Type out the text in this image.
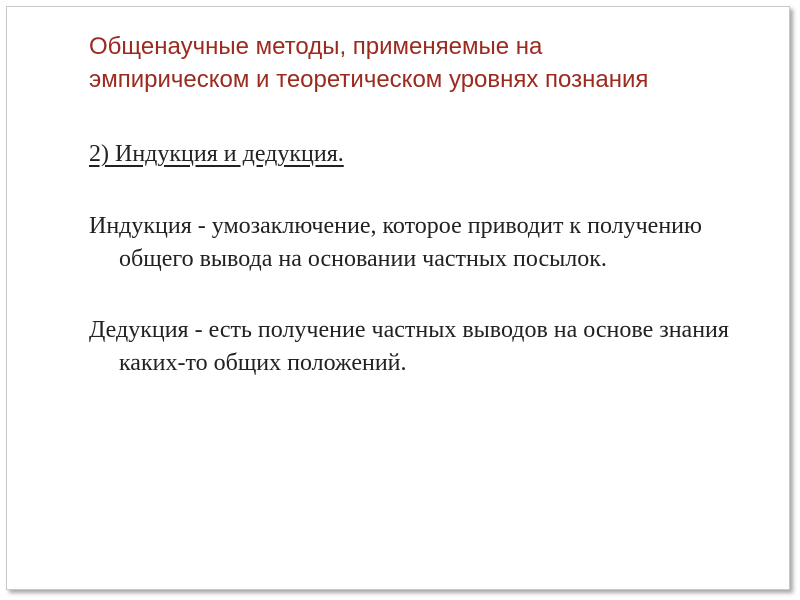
Общенаучные методы, применяемые на
эмпирическом и теоретическом уровнях познания

2) Индукция и дедукция.

Индукция - умозаключение, которое приводит к получению общего вывода на основании частных посылок.

Дедукция - есть получение частных выводов на основе знания каких-то общих положений.
